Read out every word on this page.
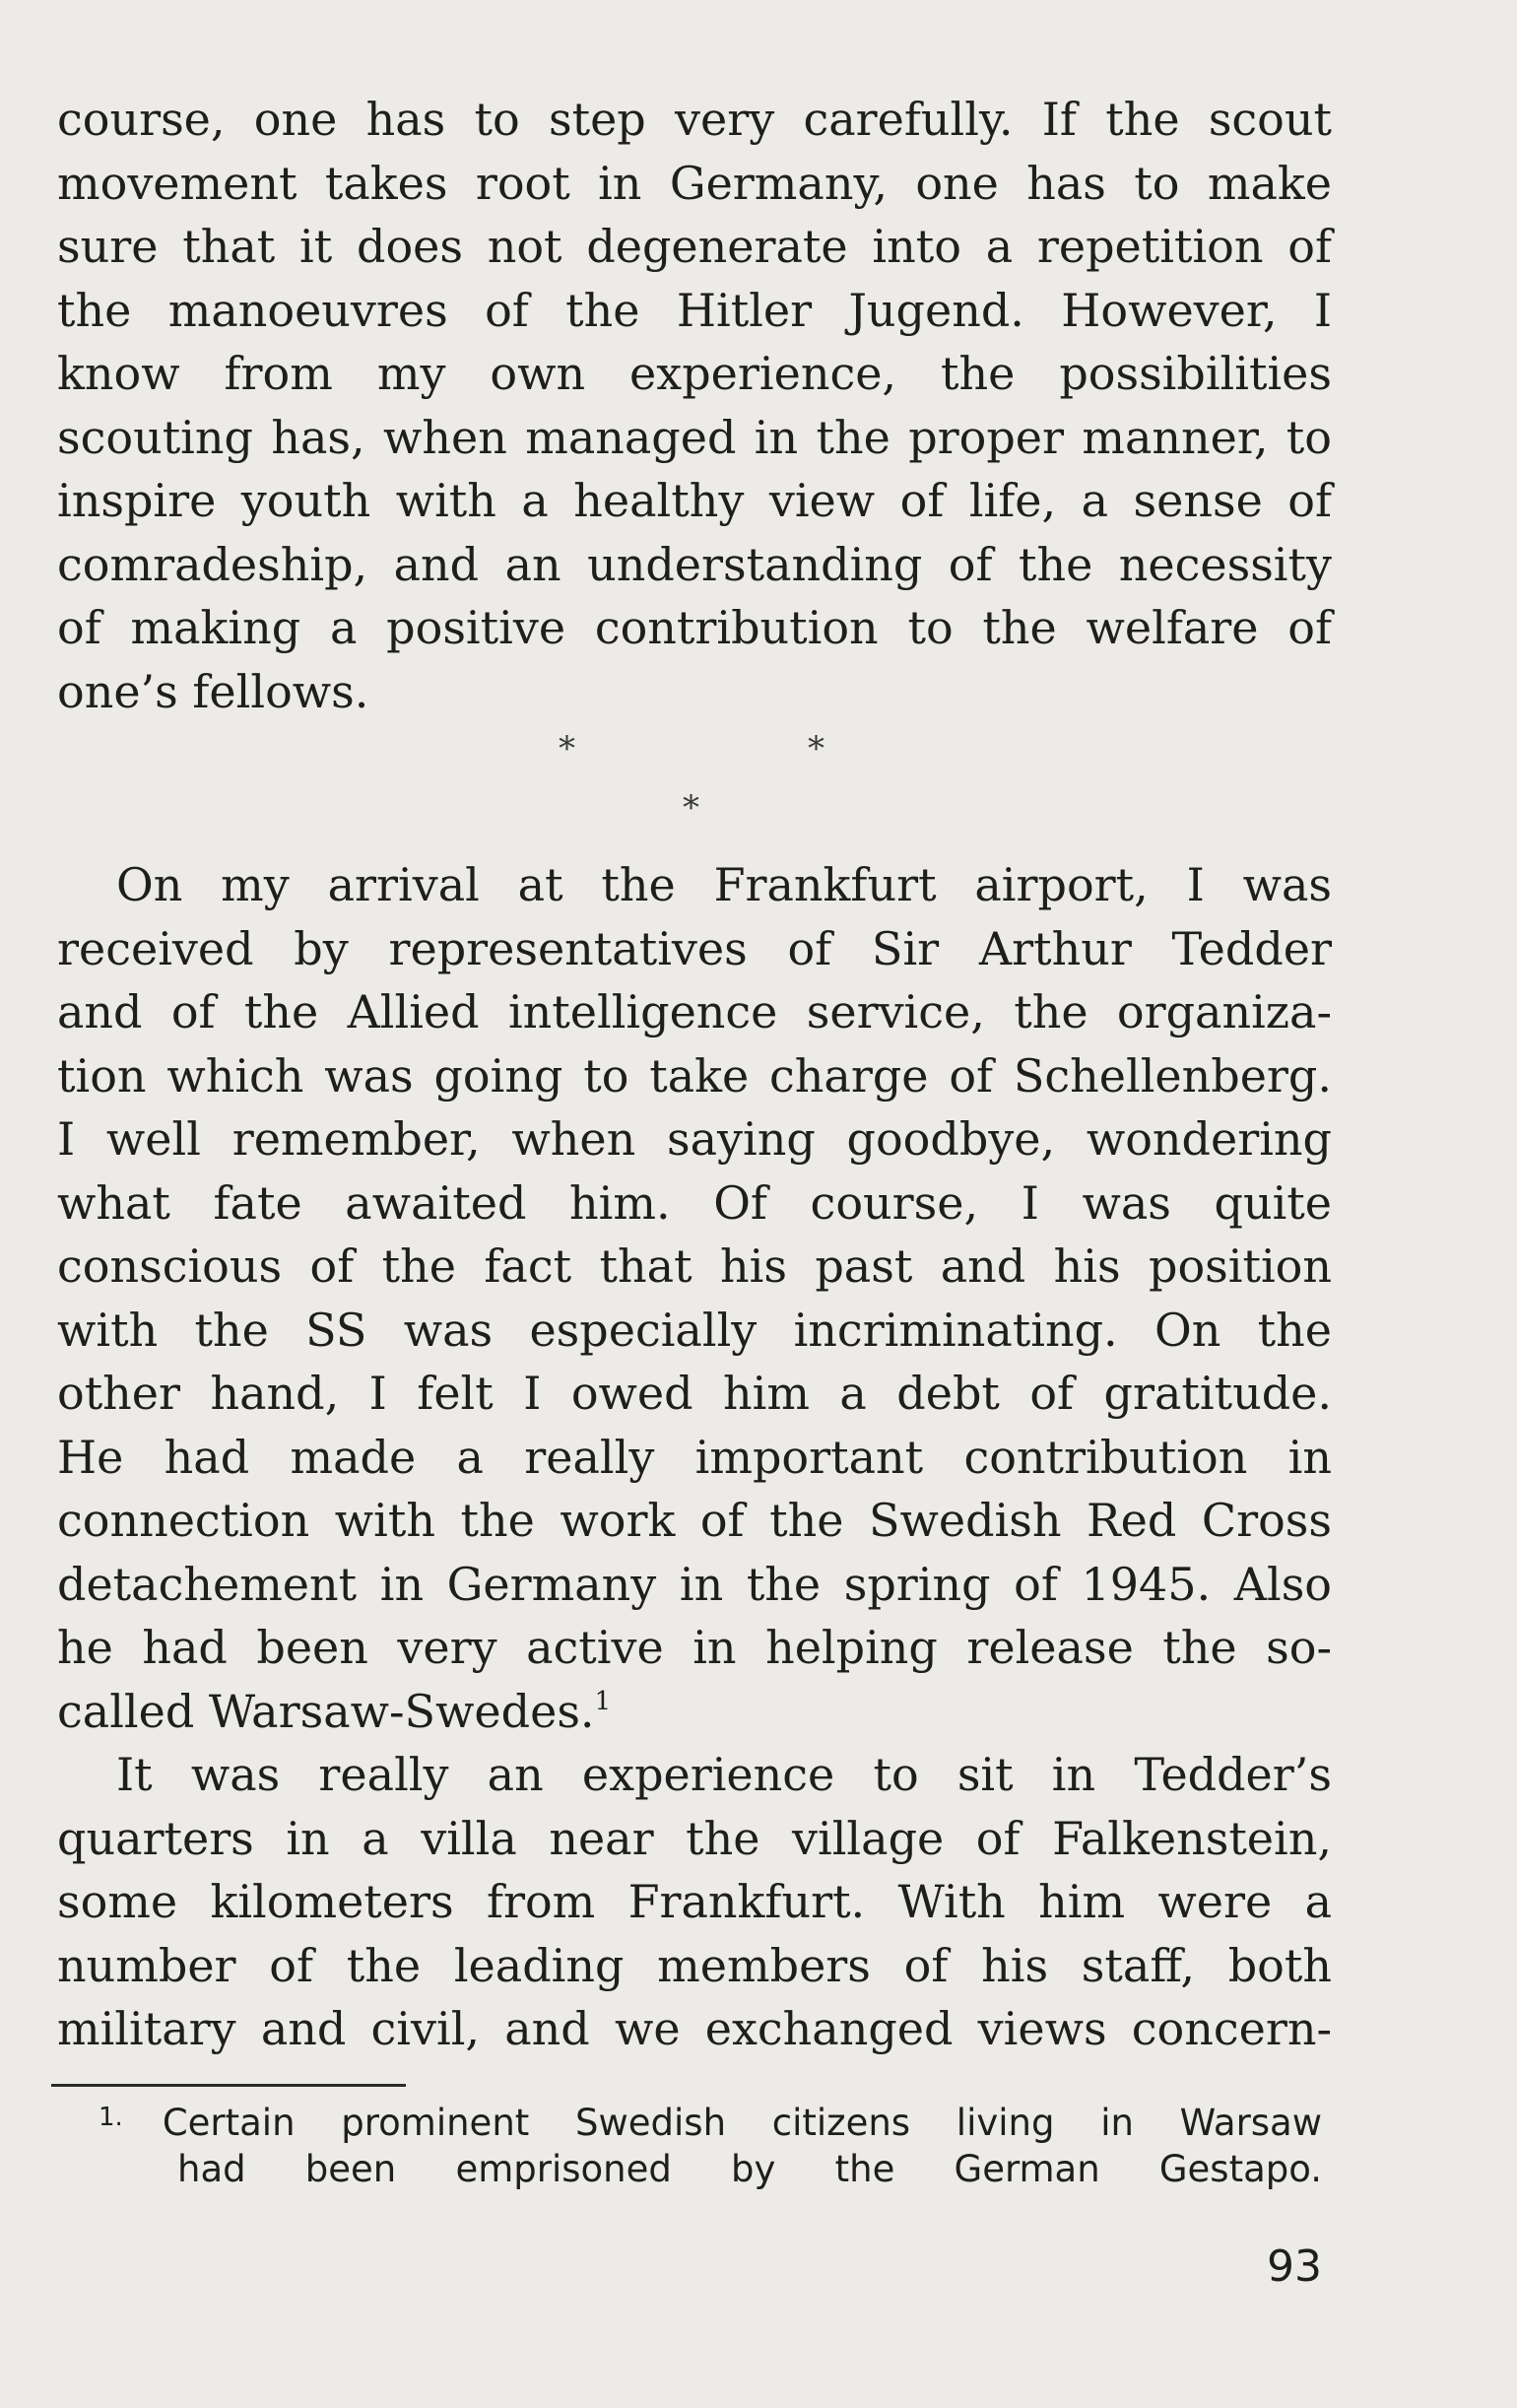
course, one has to step very carefully. If the scout
movement takes root in Germany, one has to make
sure that it does not degenerate into a repetition of
the manoeuvres of the Hitler Jugend. However, I
know from my own experience, the possibilities
scouting has, when managed in the proper manner, to
inspire youth with a healthy view of life, a sense of
comradeship, and an understanding of the necessity
of making a positive contribution to the welfare of
one’s fellows.
*	*
*
On my arrival at the Frankfurt airport, I was
received by representatives of Sir Arthur Tedder
and of the Allied intelligence service, the organiza-
tion which was going to take charge of Schellenberg.
I well remember, when saying goodbye, wondering
what fate awaited him. Of course, I was quite
conscious of the fact that his past and his position
with the SS was especially incriminating. On the
other hand, I felt I owed him a debt of gratitude.
He had made a really important contribution in
connection with the work of the Swedish Red Cross
detachement in Germany in the spring of 1945. Also
he had been very active in helping release the so-
called Warsaw-Swedes.$^1$
It was really an experience to sit in Tedder’s
quarters in a villa near the village of Falkenstein,
some kilometers from Frankfurt. With him were a
number of the leading members of his staff, both
military and civil, and we exchanged views concern-
$^{1.}$ Certain prominent Swedish citizens living in Warsaw
had been emprisoned by the German Gestapo.
93
